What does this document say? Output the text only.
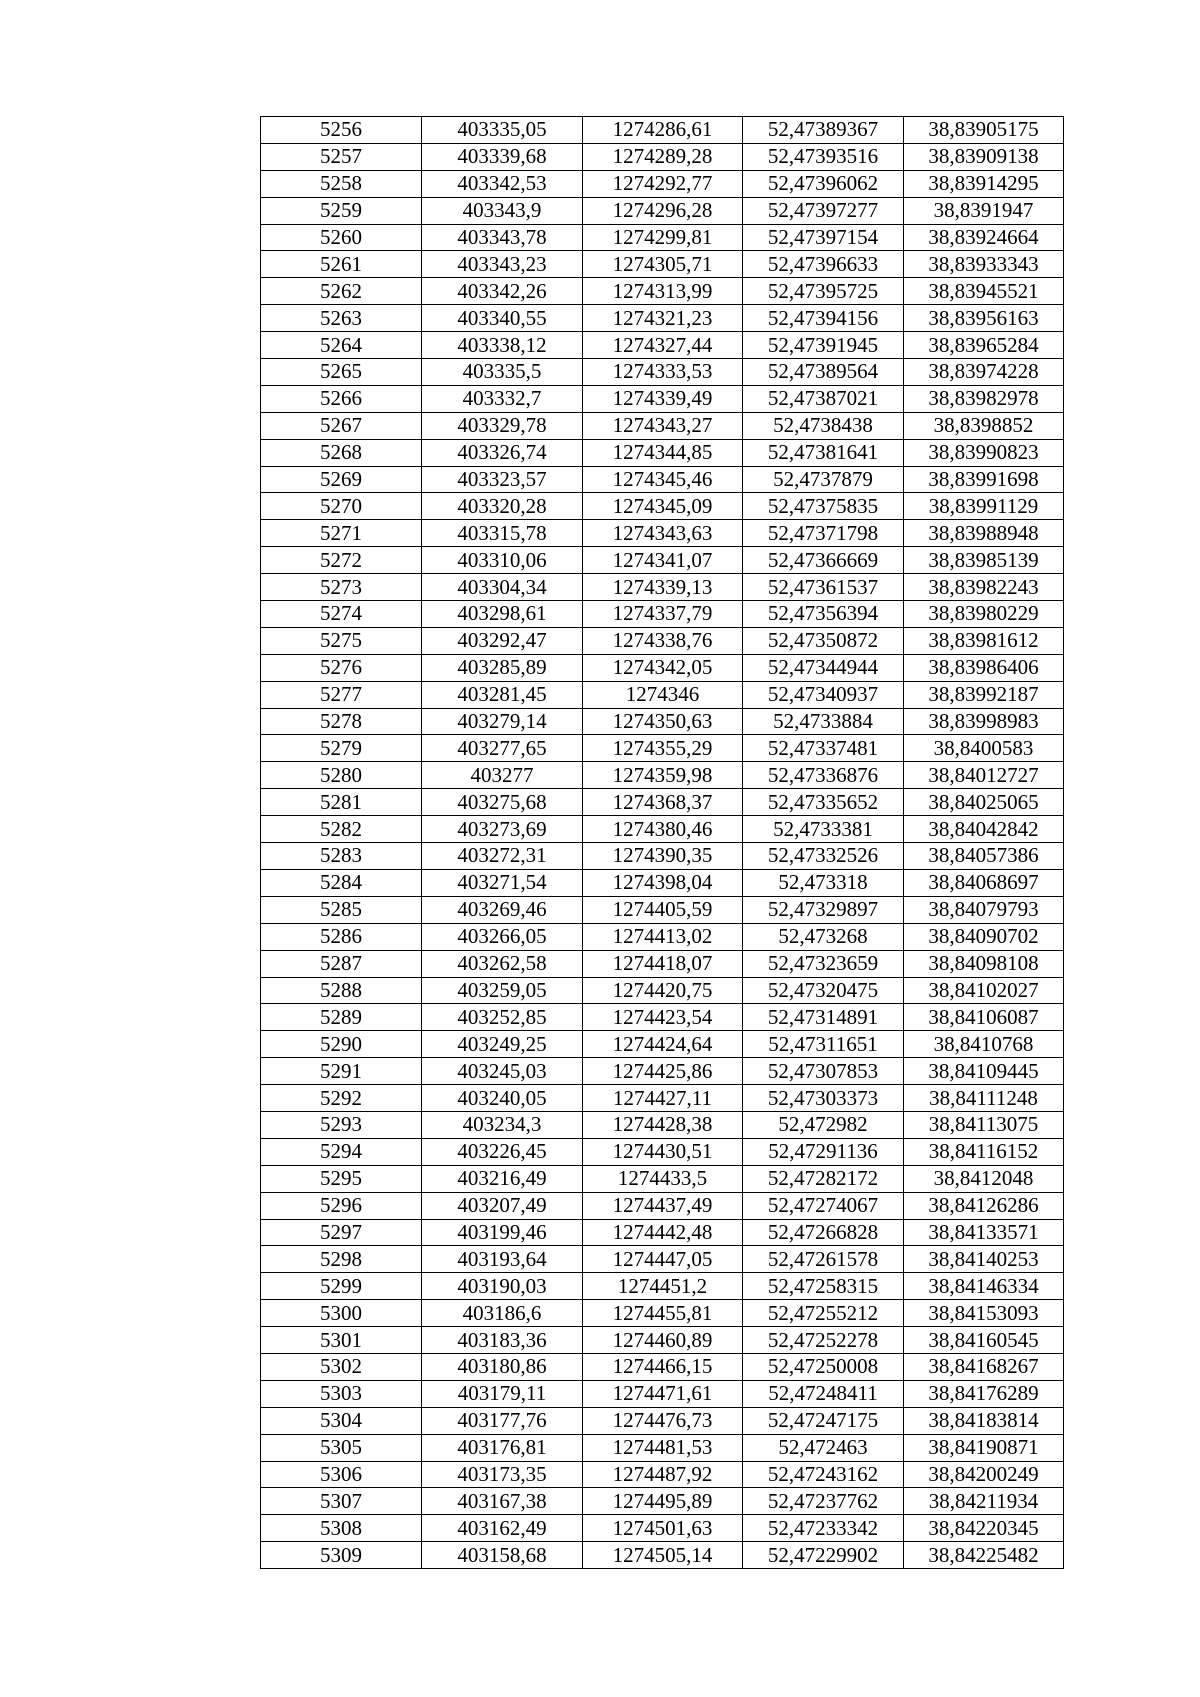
5256	403335,05	1274286,61	52,47389367	38,83905175
5257	403339,68	1274289,28	52,47393516	38,83909138
5258	403342,53	1274292,77	52,47396062	38,83914295
5259	403343,9	1274296,28	52,47397277	38,8391947
5260	403343,78	1274299,81	52,47397154	38,83924664
5261	403343,23	1274305,71	52,47396633	38,83933343
5262	403342,26	1274313,99	52,47395725	38,83945521
5263	403340,55	1274321,23	52,47394156	38,83956163
5264	403338,12	1274327,44	52,47391945	38,83965284
5265	403335,5	1274333,53	52,47389564	38,83974228
5266	403332,7	1274339,49	52,47387021	38,83982978
5267	403329,78	1274343,27	52,4738438	38,8398852
5268	403326,74	1274344,85	52,47381641	38,83990823
5269	403323,57	1274345,46	52,4737879	38,83991698
5270	403320,28	1274345,09	52,47375835	38,83991129
5271	403315,78	1274343,63	52,47371798	38,83988948
5272	403310,06	1274341,07	52,47366669	38,83985139
5273	403304,34	1274339,13	52,47361537	38,83982243
5274	403298,61	1274337,79	52,47356394	38,83980229
5275	403292,47	1274338,76	52,47350872	38,83981612
5276	403285,89	1274342,05	52,47344944	38,83986406
5277	403281,45	1274346	52,47340937	38,83992187
5278	403279,14	1274350,63	52,4733884	38,83998983
5279	403277,65	1274355,29	52,47337481	38,8400583
5280	403277	1274359,98	52,47336876	38,84012727
5281	403275,68	1274368,37	52,47335652	38,84025065
5282	403273,69	1274380,46	52,4733381	38,84042842
5283	403272,31	1274390,35	52,47332526	38,84057386
5284	403271,54	1274398,04	52,473318	38,84068697
5285	403269,46	1274405,59	52,47329897	38,84079793
5286	403266,05	1274413,02	52,473268	38,84090702
5287	403262,58	1274418,07	52,47323659	38,84098108
5288	403259,05	1274420,75	52,47320475	38,84102027
5289	403252,85	1274423,54	52,47314891	38,84106087
5290	403249,25	1274424,64	52,47311651	38,8410768
5291	403245,03	1274425,86	52,47307853	38,84109445
5292	403240,05	1274427,11	52,47303373	38,84111248
5293	403234,3	1274428,38	52,472982	38,84113075
5294	403226,45	1274430,51	52,47291136	38,84116152
5295	403216,49	1274433,5	52,47282172	38,8412048
5296	403207,49	1274437,49	52,47274067	38,84126286
5297	403199,46	1274442,48	52,47266828	38,84133571
5298	403193,64	1274447,05	52,47261578	38,84140253
5299	403190,03	1274451,2	52,47258315	38,84146334
5300	403186,6	1274455,81	52,47255212	38,84153093
5301	403183,36	1274460,89	52,47252278	38,84160545
5302	403180,86	1274466,15	52,47250008	38,84168267
5303	403179,11	1274471,61	52,47248411	38,84176289
5304	403177,76	1274476,73	52,47247175	38,84183814
5305	403176,81	1274481,53	52,472463	38,84190871
5306	403173,35	1274487,92	52,47243162	38,84200249
5307	403167,38	1274495,89	52,47237762	38,84211934
5308	403162,49	1274501,63	52,47233342	38,84220345
5309	403158,68	1274505,14	52,47229902	38,84225482
